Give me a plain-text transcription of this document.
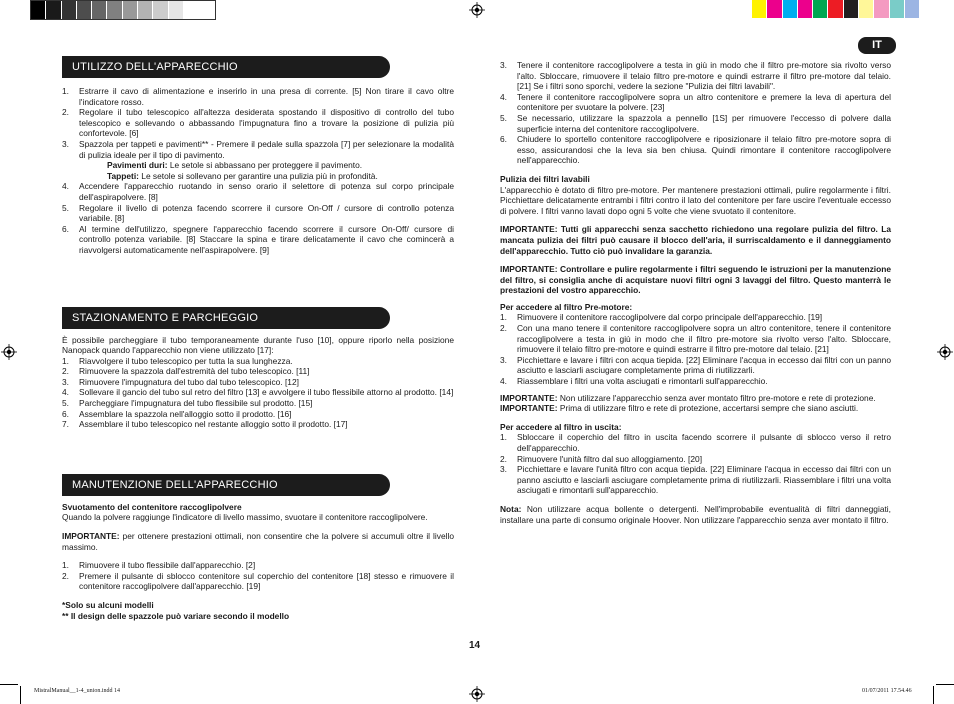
IT
UTILIZZO DELL'APPARECCHIO
1. Estrarre il cavo di alimentazione e inserirlo in una presa di corrente. [5] Non tirare il cavo oltre l'indicatore rosso.
2. Regolare il tubo telescopico all'altezza desiderata spostando il dispositivo di controllo del tubo telescopico e sollevando o abbassando l'impugnatura fino a trovare la posizione di pulizia più confortevole. [6]
3. Spazzola per tappeti e pavimenti** - Premere il pedale sulla spazzola [7] per selezionare la modalità di pulizia ideale per il tipo di pavimento.
Pavimenti duri: Le setole si abbassano per proteggere il pavimento.
Tappeti: Le setole si sollevano per garantire una pulizia più in profondità.
4. Accendere l'apparecchio ruotando in senso orario il selettore di potenza sul corpo principale dell'aspirapolvere. [8]
5. Regolare il livello di potenza facendo scorrere il cursore On-Off / cursore di controllo potenza variabile. [8]
6. Al termine dell'utilizzo, spegnere l'apparecchio facendo scorrere il cursore On-Off/ cursore di controllo potenza variabile. [8] Staccare la spina e tirare delicatamente il cavo che comincerà a riavvolgersi automaticamente nell'aspirapolvere. [9]
STAZIONAMENTO E PARCHEGGIO

È possibile parcheggiare il tubo temporaneamente durante l'uso [10], oppure riporlo nella posizione Nanopack quando l'apparecchio non viene utilizzato [17]:

1. Riavvolgere il tubo telescopico per tutta la sua lunghezza.
2. Rimuovere la spazzola dall'estremità del tubo telescopico. [11]
3. Rimuovere l'impugnatura del tubo dal tubo telescopico. [12]
4. Sollevare il gancio del tubo sul retro del filtro [13] e avvolgere il tubo flessibile attorno al prodotto. [14]
5. Parcheggiare l'impugnatura del tubo flessibile sul prodotto. [15]
6. Assemblare la spazzola nell'alloggio sotto il prodotto. [16]
7. Assemblare il tubo telescopico nel restante alloggio sotto il prodotto. [17]
MANUTENZIONE DELL'APPARECCHIO

Svuotamento del contenitore raccoglipolvere

Quando la polvere raggiunge l'indicatore di livello massimo, svuotare il contenitore raccoglipolvere.

IMPORTANTE: per ottenere prestazioni ottimali, non consentire che la polvere si accumuli oltre il livello massimo.

1. Rimuovere il tubo flessibile dall'apparecchio. [2]
2. Premere il pulsante di sblocco contenitore sul coperchio del contenitore [18] stesso e rimuovere il contenitore raccoglipolvere dall'apparecchio. [19]

*Solo su alcuni modelli

** Il design delle spazzole può variare secondo il modello

3. Tenere il contenitore raccoglipolvere a testa in giù in modo che il filtro pre-motore sia rivolto verso l'alto. Sbloccare, rimuovere il telaio filtro pre-motore e quindi estrarre il filtro pre-motore dal telaio. [21] Se i filtri sono sporchi, vedere la sezione "Pulizia dei filtri lavabili".
4. Tenere il contenitore raccoglipolvere sopra un altro contenitore e premere la leva di apertura del contenitore per svuotare la polvere. [23]
5. Se necessario, utilizzare la spazzola a pennello [1S] per rimuovere l'eccesso di polvere dalla superficie interna del contenitore raccoglipolvere.
6. Chiudere lo sportello contenitore raccoglipolvere e riposizionare il telaio filtro pre-motore sopra di esso, assicurandosi che la leva sia ben chiusa. Quindi rimontare il contenitore raccoglipolvere nell'apparecchio.

Pulizia dei filtri lavabili

L'apparecchio è dotato di filtro pre-motore. Per mantenere prestazioni ottimali, pulire regolarmente i filtri. Picchiettare delicatamente entrambi i filtri contro il lato del contenitore per fare uscire l'eventuale eccesso di polvere. I filtri vanno lavati dopo ogni 5 volte che viene svuotato il contenitore.

IMPORTANTE: Tutti gli apparecchi senza sacchetto richiedono una regolare pulizia del filtro. La mancata pulizia dei filtri può causare il blocco dell'aria, il surriscaldamento e il danneggiamento dell'apparecchio. Tutto ciò può invalidare la garanzia.

IMPORTANTE: Controllare e pulire regolarmente i filtri seguendo le istruzioni per la manutenzione del filtro, si consiglia anche di acquistare nuovi filtri ogni 3 lavaggi del filtro. Questo manterrà le prestazioni del vostro apparecchio.

Per accedere al filtro Pre-motore:

1. Rimuovere il contenitore raccoglipolvere dal corpo principale dell'apparecchio. [19]
2. Con una mano tenere il contenitore raccoglipolvere sopra un altro contenitore, tenere il contenitore raccoglipolvere a testa in giù in modo che il filtro pre-motore sia rivolto verso l'alto. Sbloccare, rimuovere il telaio filtro pre-motore e quindi estrarre il filtro pre-motore dal telaio. [21]
3. Picchiettare e lavare i filtri con acqua tiepida. [22] Eliminare l'acqua in eccesso dai filtri con un panno asciutto e lasciarli asciugare completamente prima di riutilizzarli.
4. Riassemblare i filtri una volta asciugati e rimontarli sull'apparecchio.

IMPORTANTE: Non utilizzare l'apparecchio senza aver montato filtro pre-motore e rete di protezione.

IMPORTANTE: Prima di utilizzare filtro e rete di protezione, accertarsi sempre che siano asciutti.

Per accedere al filtro in uscita:

1. Sbloccare il coperchio del filtro in uscita facendo scorrere il pulsante di sblocco verso il retro dell'apparecchio.
2. Rimuovere l'unità filtro dal suo alloggiamento. [20]
3. Picchiettare e lavare l'unità filtro con acqua tiepida. [22] Eliminare l'acqua in eccesso dai filtri con un panno asciutto e lasciarli asciugare completamente prima di riutilizzarli. Riassemblare i filtri una volta asciugati e rimontarli sull'apparecchio.

Nota: Non utilizzare acqua bollente o detergenti. Nell'improbabile eventualità di filtri danneggiati, installare una parte di consumo originale Hoover. Non utilizzare l'apparecchio senza aver montato il filtro.

14
MistralManual__1-4_union.indd 14	01/07/2011 17.54.46
